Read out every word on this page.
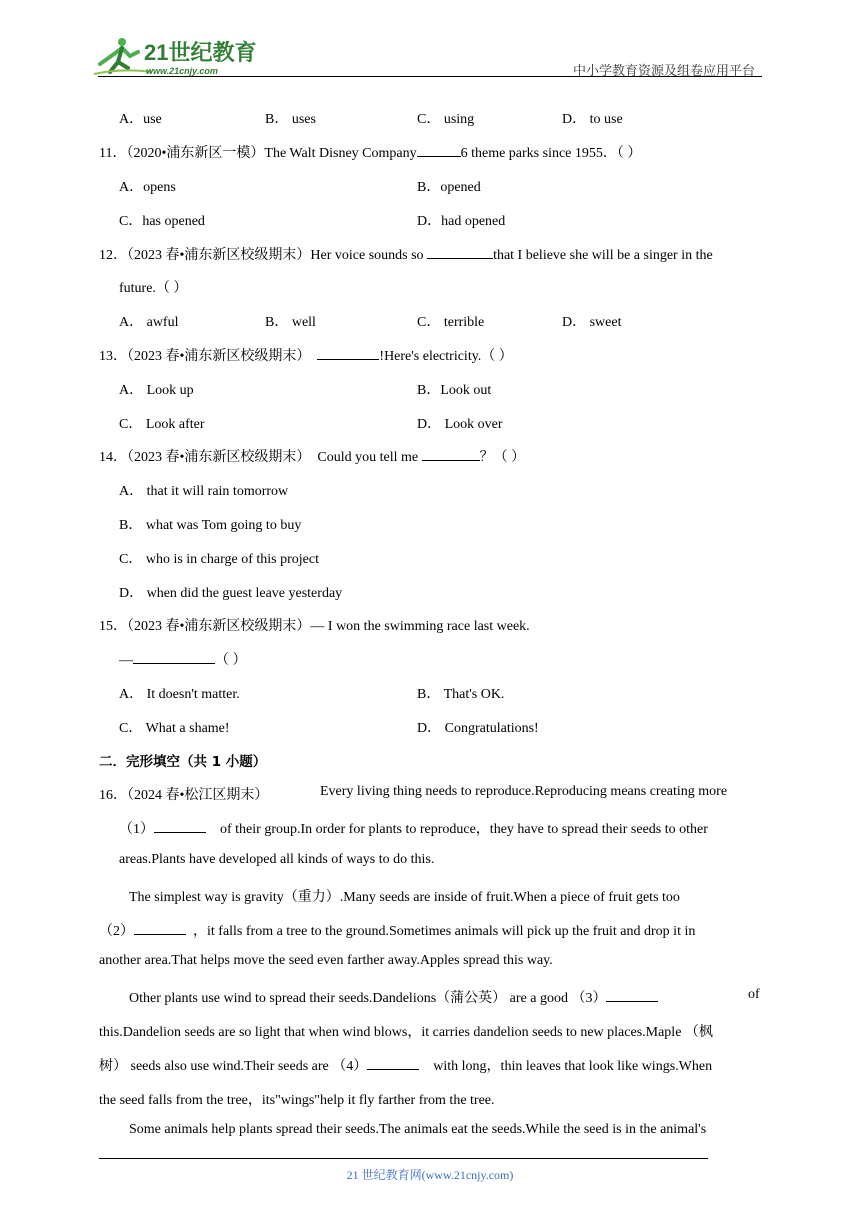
21世纪教育
www.21cnjy.com	中小学教育资源及组卷应用平台
A．use	B． uses	C． using	D． to use
11．（2020•浦东新区一模）The Walt Disney Company	6 theme parks since 1955．（ ）
A．opens	B．opened
C．has opened	D．had opened
12．（2023 春•浦东新区校级期末）Her voice sounds so	that I believe she will be a singer in the
future.（ ）
A． awful	B． well	C． terrible	D． sweet
13．（2023 春•浦东新区校级期末）	!Here's electricity.（ ）
A． Look up	B．Look out
C． Look after	D． Look over
14．（2023 春•浦东新区校级期末） Could you tell me	？（ ）
A． that it will rain tomorrow
B． what was Tom going to buy
C． who is in charge of this project
D． when did the guest leave yesterday
15．（2023 春•浦东新区校级期末）— I won the swimming race last week.
—	（ ）
A． It doesn't matter.	B． That's OK.
C． What a shame!	D． Congratulations!
二．完形填空（共 1 小题）
16．（2024 春•松江区期末）	Every living thing needs to reproduce.Reproducing means creating more
（1）	of their group.In order for plants to reproduce，they have to spread their seeds to other
areas.Plants have developed all kinds of ways to do this.
The simplest way is gravity（重力）.Many seeds are inside of fruit.When a piece of fruit gets too
（2）	，it falls from a tree to the ground.Sometimes animals will pick up the fruit and drop it in
another area.That helps move the seed even farther away.Apples spread this way.
Other plants use wind to spread their seeds.Dandelions（蒲公英） are a good （3）	of
this.Dandelion seeds are so light that when wind blows，it carries dandelion seeds to new places.Maple （枫
树） seeds also use wind.Their seeds are （4）	with long，thin leaves that look like wings.When
the seed falls from the tree，its"wings"help it fly farther from the tree.
Some animals help plants spread their seeds.The animals eat the seeds.While the seed is in the animal's
21 世纪教育网(www.21cnjy.com)
